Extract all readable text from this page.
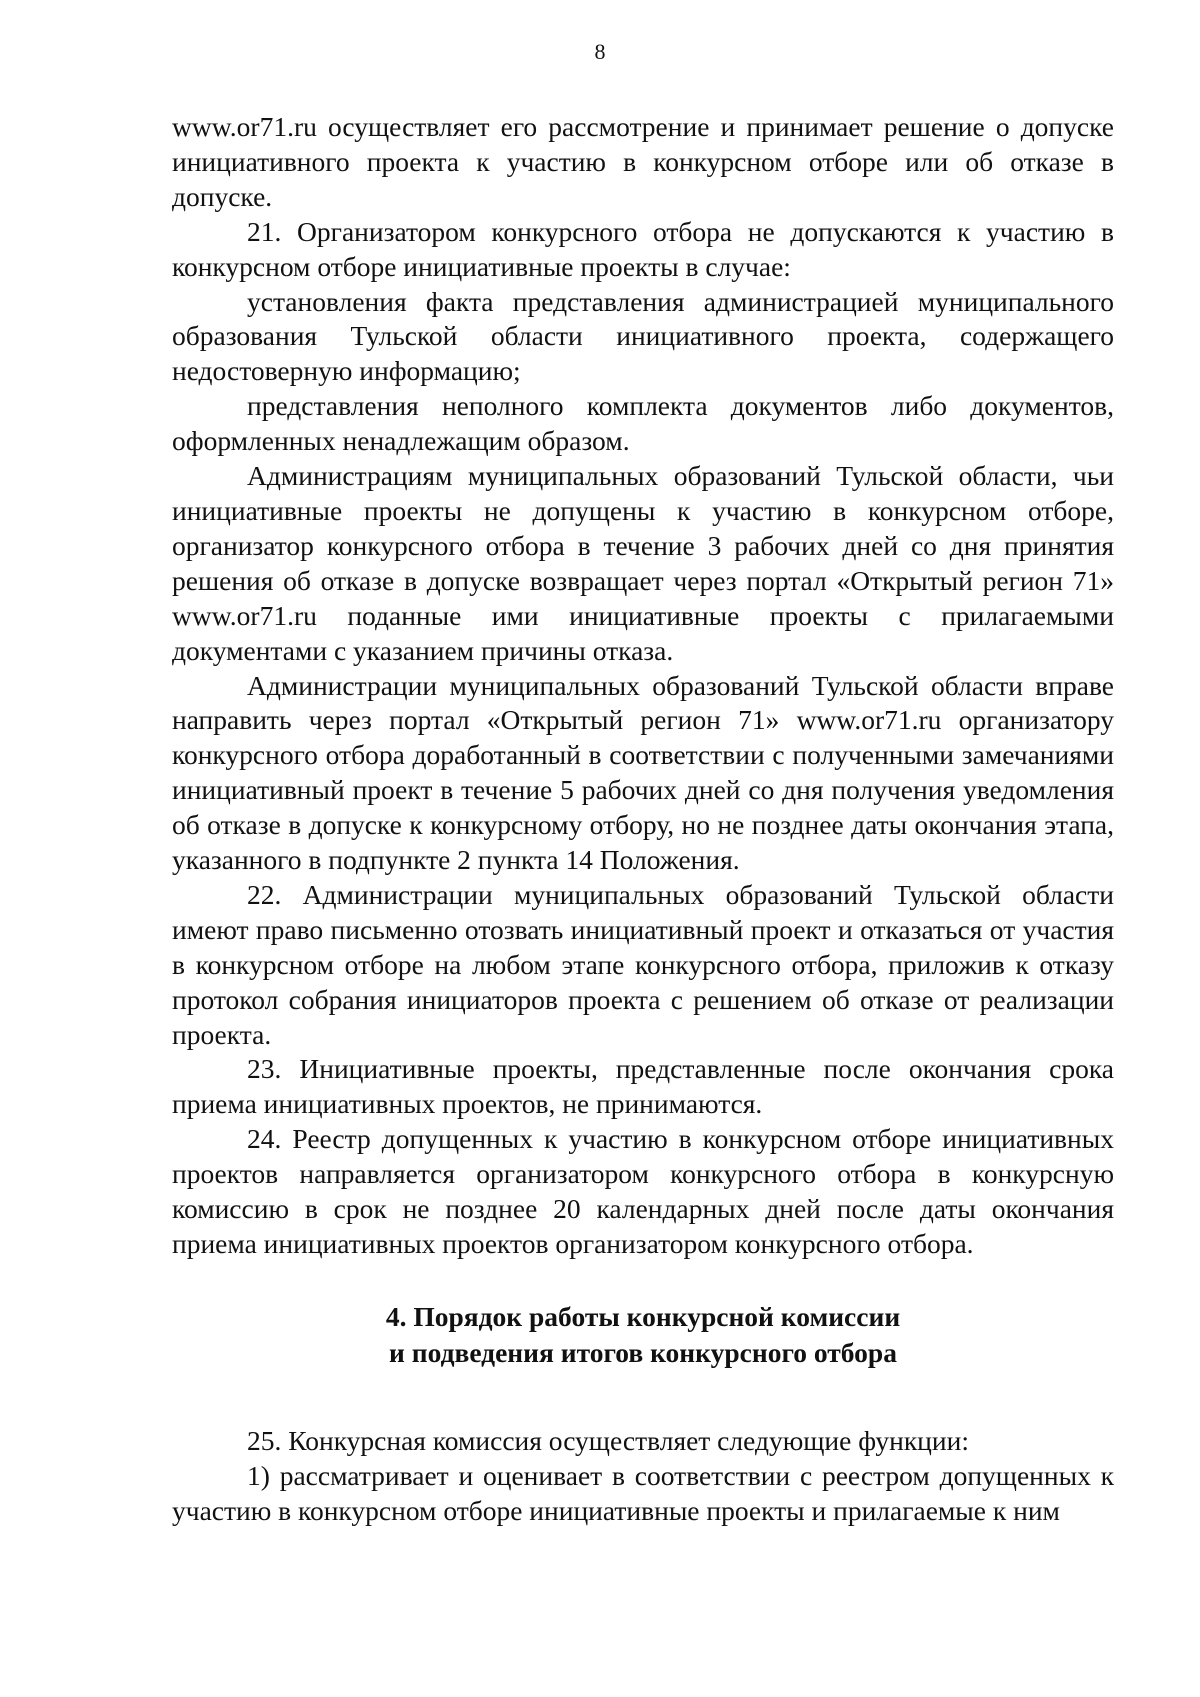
8

www.or71.ru осуществляет его рассмотрение и принимает решение о допуске инициативного проекта к участию в конкурсном отборе или об отказе в допуске.

21. Организатором конкурсного отбора не допускаются к участию в конкурсном отборе инициативные проекты в случае:

установления факта представления администрацией муниципального образования Тульской области инициативного проекта, содержащего недостоверную информацию;

представления неполного комплекта документов либо документов, оформленных ненадлежащим образом.

Администрациям муниципальных образований Тульской области, чьи инициативные проекты не допущены к участию в конкурсном отборе, организатор конкурсного отбора в течение 3 рабочих дней со дня принятия решения об отказе в допуске возвращает через портал «Открытый регион 71» www.or71.ru поданные ими инициативные проекты с прилагаемыми документами с указанием причины отказа.

Администрации муниципальных образований Тульской области вправе направить через портал «Открытый регион 71» www.or71.ru организатору конкурсного отбора доработанный в соответствии с полученными замечаниями инициативный проект в течение 5 рабочих дней со дня получения уведомления об отказе в допуске к конкурсному отбору, но не позднее даты окончания этапа, указанного в подпункте 2 пункта 14 Положения.

22. Администрации муниципальных образований Тульской области имеют право письменно отозвать инициативный проект и отказаться от участия в конкурсном отборе на любом этапе конкурсного отбора, приложив к отказу протокол собрания инициаторов проекта с решением об отказе от реализации проекта.

23. Инициативные проекты, представленные после окончания срока приема инициативных проектов, не принимаются.

24. Реестр допущенных к участию в конкурсном отборе инициативных проектов направляется организатором конкурсного отбора в конкурсную комиссию в срок не позднее 20 календарных дней после даты окончания приема инициативных проектов организатором конкурсного отбора.

4. Порядок работы конкурсной комиссии
и подведения итогов конкурсного отбора

25. Конкурсная комиссия осуществляет следующие функции:

1) рассматривает и оценивает в соответствии с реестром допущенных к участию в конкурсном отборе инициативные проекты и прилагаемые к ним
